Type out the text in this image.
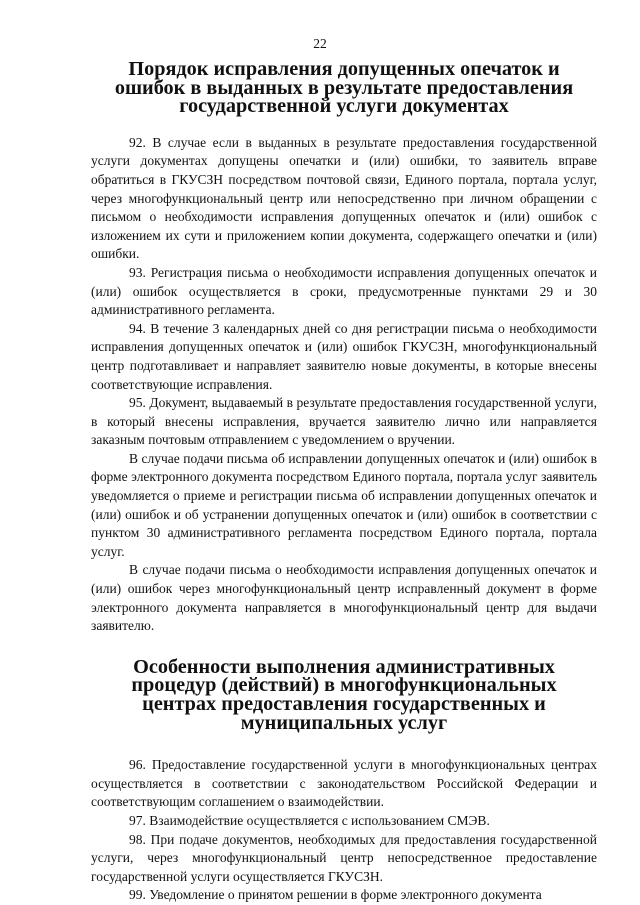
22
Порядок исправления допущенных опечаток и ошибок в выданных в результате предоставления государственной услуги документах

92. В случае если в выданных в результате предоставления государственной услуги документах допущены опечатки и (или) ошибки, то заявитель вправе обратиться в ГКУСЗН посредством почтовой связи, Единого портала, портала услуг, через многофункциональный центр или непосредственно при личном обращении с письмом о необходимости исправления допущенных опечаток и (или) ошибок с изложением их сути и приложением копии документа, содержащего опечатки и (или) ошибки.

93. Регистрация письма о необходимости исправления допущенных опечаток и (или) ошибок осуществляется в сроки, предусмотренные пунктами 29 и 30 административного регламента.

94. В течение 3 календарных дней со дня регистрации письма о необходимости исправления допущенных опечаток и (или) ошибок ГКУСЗН, многофункциональный центр подготавливает и направляет заявителю новые документы, в которые внесены соответствующие исправления.

95. Документ, выдаваемый в результате предоставления государственной услуги, в который внесены исправления, вручается заявителю лично или направляется заказным почтовым отправлением с уведомлением о вручении.

В случае подачи письма об исправлении допущенных опечаток и (или) ошибок в форме электронного документа посредством Единого портала, портала услуг заявитель уведомляется о приеме и регистрации письма об исправлении допущенных опечаток и (или) ошибок и об устранении допущенных опечаток и (или) ошибок в соответствии с пунктом 30 административного регламента посредством Единого портала, портала услуг.

В случае подачи письма о необходимости исправления допущенных опечаток и (или) ошибок через многофункциональный центр исправленный документ в форме электронного документа направляется в многофункциональный центр для выдачи заявителю.

Особенности выполнения административных процедур (действий) в многофункциональных центрах предоставления государственных и муниципальных услуг

96. Предоставление государственной услуги в многофункциональных центрах осуществляется в соответствии с законодательством Российской Федерации и соответствующим соглашением о взаимодействии.

97. Взаимодействие осуществляется с использованием СМЭВ.

98. При подаче документов, необходимых для предоставления государственной услуги, через многофункциональный центр непосредственное предоставление государственной услуги осуществляется ГКУСЗН.

99. Уведомление о принятом решении в форме электронного документа
